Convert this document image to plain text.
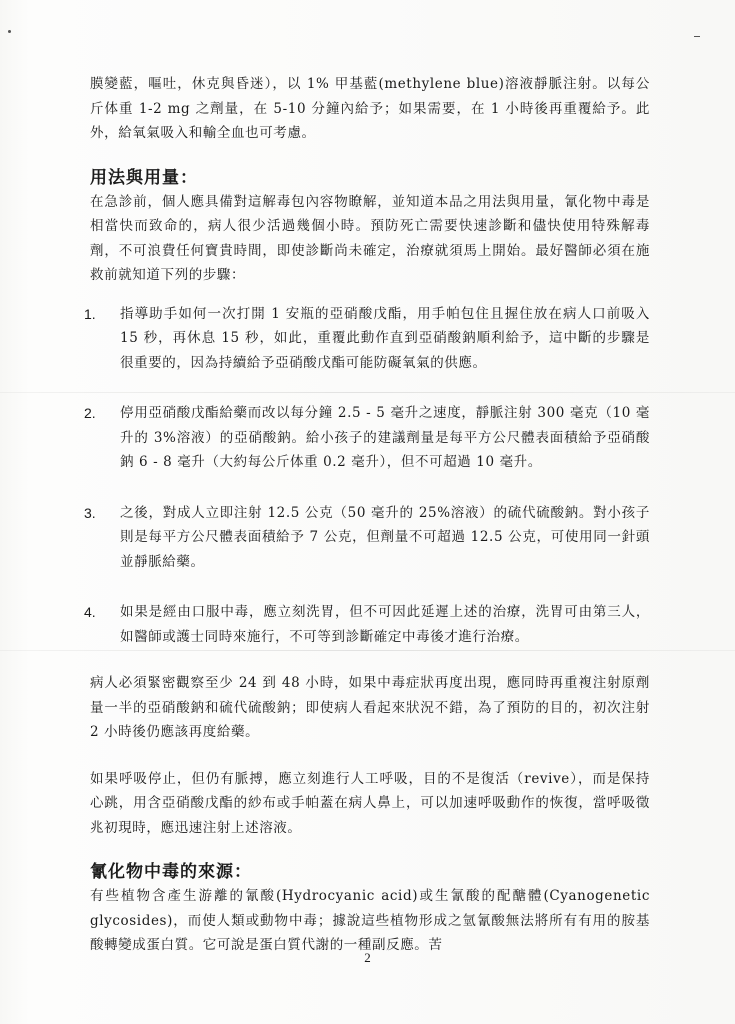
膜變藍，嘔吐，休克與昏迷），以 1% 甲基藍(methylene blue)溶液靜脈注射。以每公斤体重 1-2 mg 之劑量，在 5-10 分鐘內給予；如果需要，在 1 小時後再重覆給予。此外，給氧氣吸入和輸全血也可考慮。

用法與用量：

在急診前，個人應具備對這解毒包內容物瞭解，並知道本品之用法與用量，氰化物中毒是相當快而致命的，病人很少活過幾個小時。預防死亡需要快速診斷和儘快使用特殊解毒劑，不可浪費任何寶貴時間，即使診斷尚未確定，治療就須馬上開始。最好醫師必須在施救前就知道下列的步驟：

1. 指導助手如何一次打開 1 安瓶的亞硝酸戊酯，用手帕包住且握住放在病人口前吸入 15 秒，再休息 15 秒，如此，重覆此動作直到亞硝酸鈉順利給予，這中斷的步驟是很重要的，因為持續給予亞硝酸戊酯可能防礙氧氣的供應。

2. 停用亞硝酸戊酯給藥而改以每分鐘 2.5 - 5 毫升之速度，靜脈注射 300 毫克（10 毫升的 3%溶液）的亞硝酸鈉。給小孩子的建議劑量是每平方公尺體表面積給予亞硝酸鈉 6 - 8 毫升（大約每公斤体重 0.2 毫升），但不可超過 10 毫升。

3. 之後，對成人立即注射 12.5 公克（50 毫升的 25%溶液）的硫代硫酸鈉。對小孩子則是每平方公尺體表面積給予 7 公克，但劑量不可超過 12.5 公克，可使用同一針頭並靜脈給藥。

4. 如果是經由口服中毒，應立刻洗胃，但不可因此延遲上述的治療，洗胃可由第三人，如醫師或護士同時來施行，不可等到診斷確定中毒後才進行治療。

病人必須緊密觀察至少 24 到 48 小時，如果中毒症狀再度出現，應同時再重複注射原劑量一半的亞硝酸鈉和硫代硫酸鈉；即使病人看起來狀況不錯，為了預防的目的，初次注射 2 小時後仍應該再度給藥。

如果呼吸停止，但仍有脈搏，應立刻進行人工呼吸，目的不是復活（revive），而是保持心跳，用含亞硝酸戊酯的紗布或手帕蓋在病人鼻上，可以加速呼吸動作的恢復，當呼吸徵兆初現時，應迅速注射上述溶液。

氰化物中毒的來源：

有些植物含產生游離的氰酸(Hydrocyanic acid)或生氰酸的配醣體(Cyanogenetic glycosides)，而使人類或動物中毒；據說這些植物形成之氫氰酸無法將所有有用的胺基酸轉變成蛋白質。它可說是蛋白質代謝的一種副反應。苦

2
